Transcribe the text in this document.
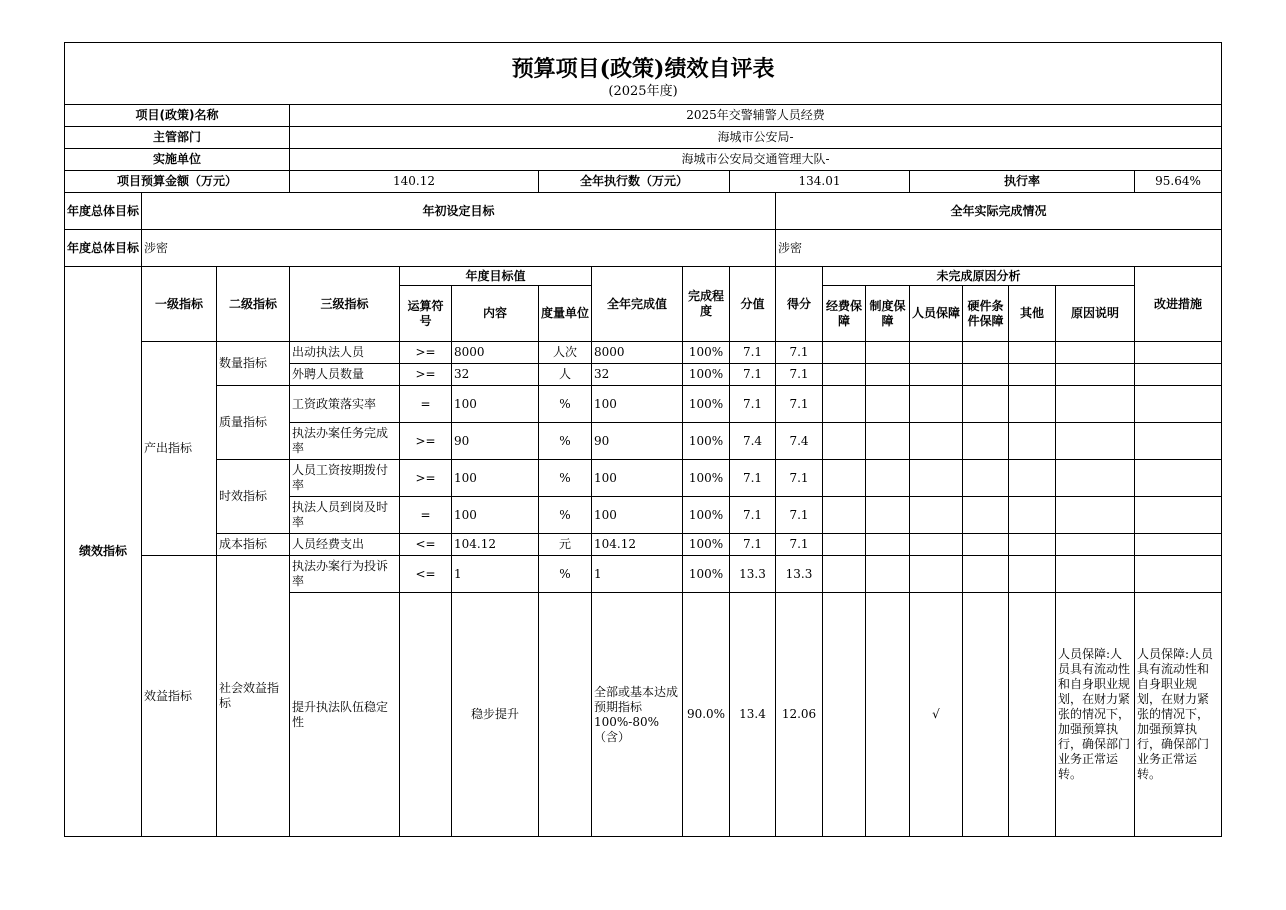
预算项目(政策)绩效自评表
(2025年度)																	

项目(政策)名称			2025年交警辅警人员经费														
主管部门			海城市公安局-														
实施单位			海城市公安局交通管理大队-														
项目预算金额（万元）			140.12			全年执行数（万元）			134.01				执行率				95.64%
年度总体目标	年初设定目标									全年实际完成情况							
年度总体目标	涉密									涉密							
绩效指标	一级指标	二级指标	三级指标	年度目标值			全年完成值	完成程度	分值	得分	未完成原因分析						改进措施
				运算符号	内容	度量单位					经费保障	制度保障	人员保障	硬件条件保障	其他	原因说明	
	产出指标	数量指标	出动执法人员	>=	8000	人次	8000	100%	7.1	7.1							
			外聘人员数量	>=	32	人	32	100%	7.1	7.1							
		质量指标	工资政策落实率	=	100	%	100	100%	7.1	7.1							
			执法办案任务完成率	>=	90	%	90	100%	7.4	7.4							
		时效指标	人员工资按期拨付率	>=	100	%	100	100%	7.1	7.1							
			执法人员到岗及时率	=	100	%	100	100%	7.1	7.1							
		成本指标	人员经费支出	<=	104.12	元	104.12	100%	7.1	7.1							
	效益指标	社会效益指标	执法办案行为投诉率	<=	1	%	1	100%	13.3	13.3							
			提升执法队伍稳定性		稳步提升		全部或基本达成预期指标100%-80%（含）	90.0%	13.4	12.06			√			人员保障:人员具有流动性和自身职业规划，在财力紧张的情况下，加强预算执行，确保部门业务正常运转。	人员保障:人员具有流动性和自身职业规划，在财力紧张的情况下，加强预算执行，确保部门业务正常运转。
